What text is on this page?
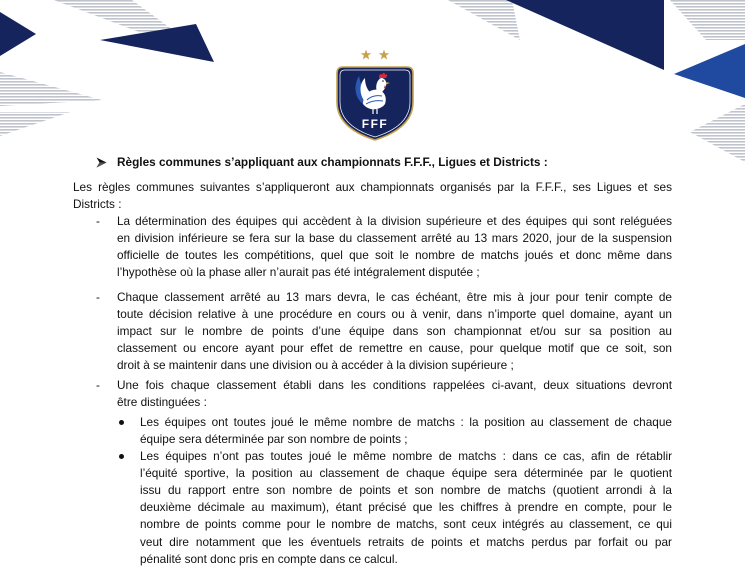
FFF
Règles communes s’appliquant aux championnats F.F.F., Ligues et Districts :
Les règles communes suivantes s’appliqueront aux championnats organisés par la F.F.F., ses Ligues et ses
Districts :
- La détermination des équipes qui accèdent à la division supérieure et des équipes qui sont reléguées
en division inférieure se fera sur la base du classement arrêté au 13 mars 2020, jour de la suspension
officielle de toutes les compétitions, quel que soit le nombre de matchs joués et donc même dans
l’hypothèse où la phase aller n’aurait pas été intégralement disputée ;
- Chaque classement arrêté au 13 mars devra, le cas échéant, être mis à jour pour tenir compte de
toute décision relative à une procédure en cours ou à venir, dans n’importe quel domaine, ayant un
impact sur le nombre de points d’une équipe dans son championnat et/ou sur sa position au
classement ou encore ayant pour effet de remettre en cause, pour quelque motif que ce soit, son
droit à se maintenir dans une division ou à accéder à la division supérieure ;
- Une fois chaque classement établi dans les conditions rappelées ci-avant, deux situations devront
être distinguées :
Les équipes ont toutes joué le même nombre de matchs : la position au classement de chaque
équipe sera déterminée par son nombre de points ;
Les équipes n’ont pas toutes joué le même nombre de matchs : dans ce cas, afin de rétablir
l’équité sportive, la position au classement de chaque équipe sera déterminée par le quotient
issu du rapport entre son nombre de points et son nombre de matchs (quotient arrondi à la
deuxième décimale au maximum), étant précisé que les chiffres à prendre en compte, pour le
nombre de points comme pour le nombre de matchs, sont ceux intégrés au classement, ce qui
veut dire notamment que les éventuels retraits de points et matchs perdus par forfait ou par
pénalité sont donc pris en compte dans ce calcul.
